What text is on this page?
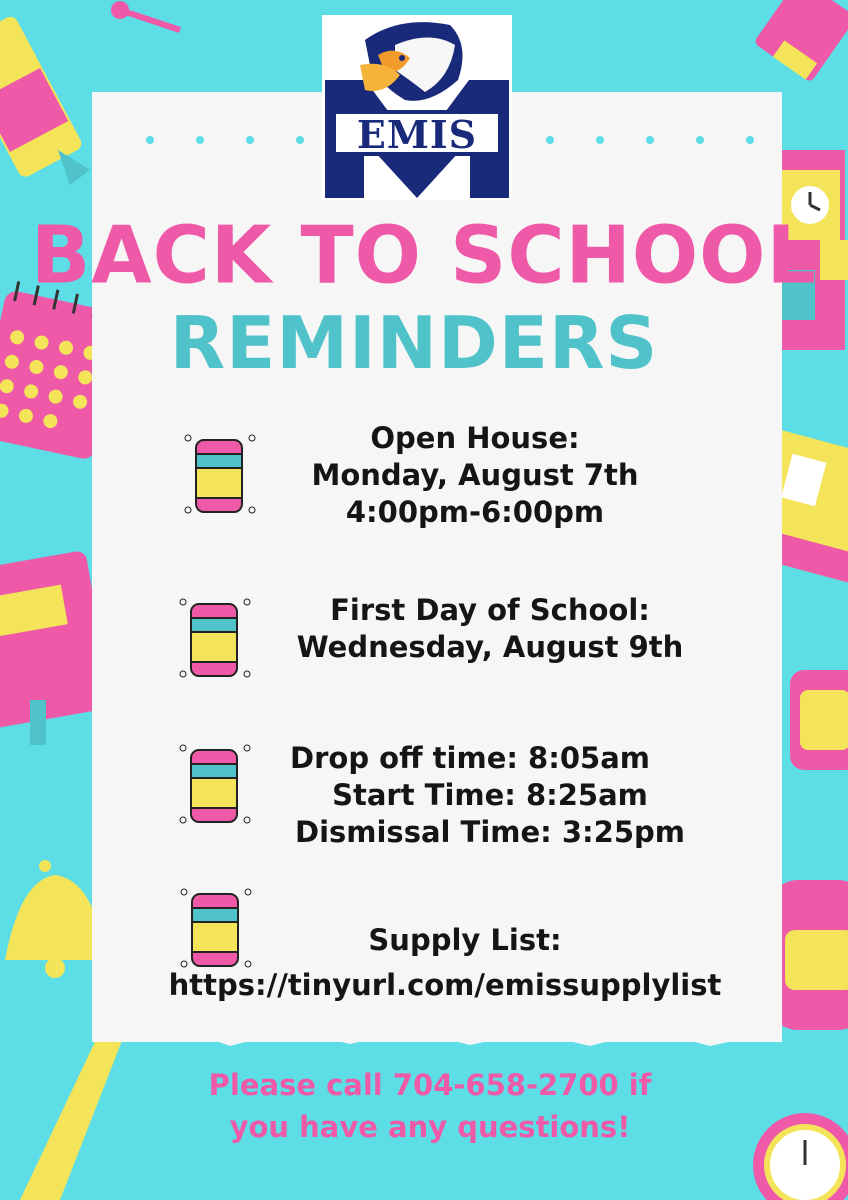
EMIS
BACK TO SCHOOL
REMINDERS
Open House:
Monday, August 7th
4:00pm-6:00pm
First Day of School:
Wednesday, August 9th
Drop off time: 8:05am
Start Time: 8:25am
Dismissal Time: 3:25pm
Supply List:
https://tinyurl.com/emissupplylist
Please call 704-658-2700 if
you have any questions!
